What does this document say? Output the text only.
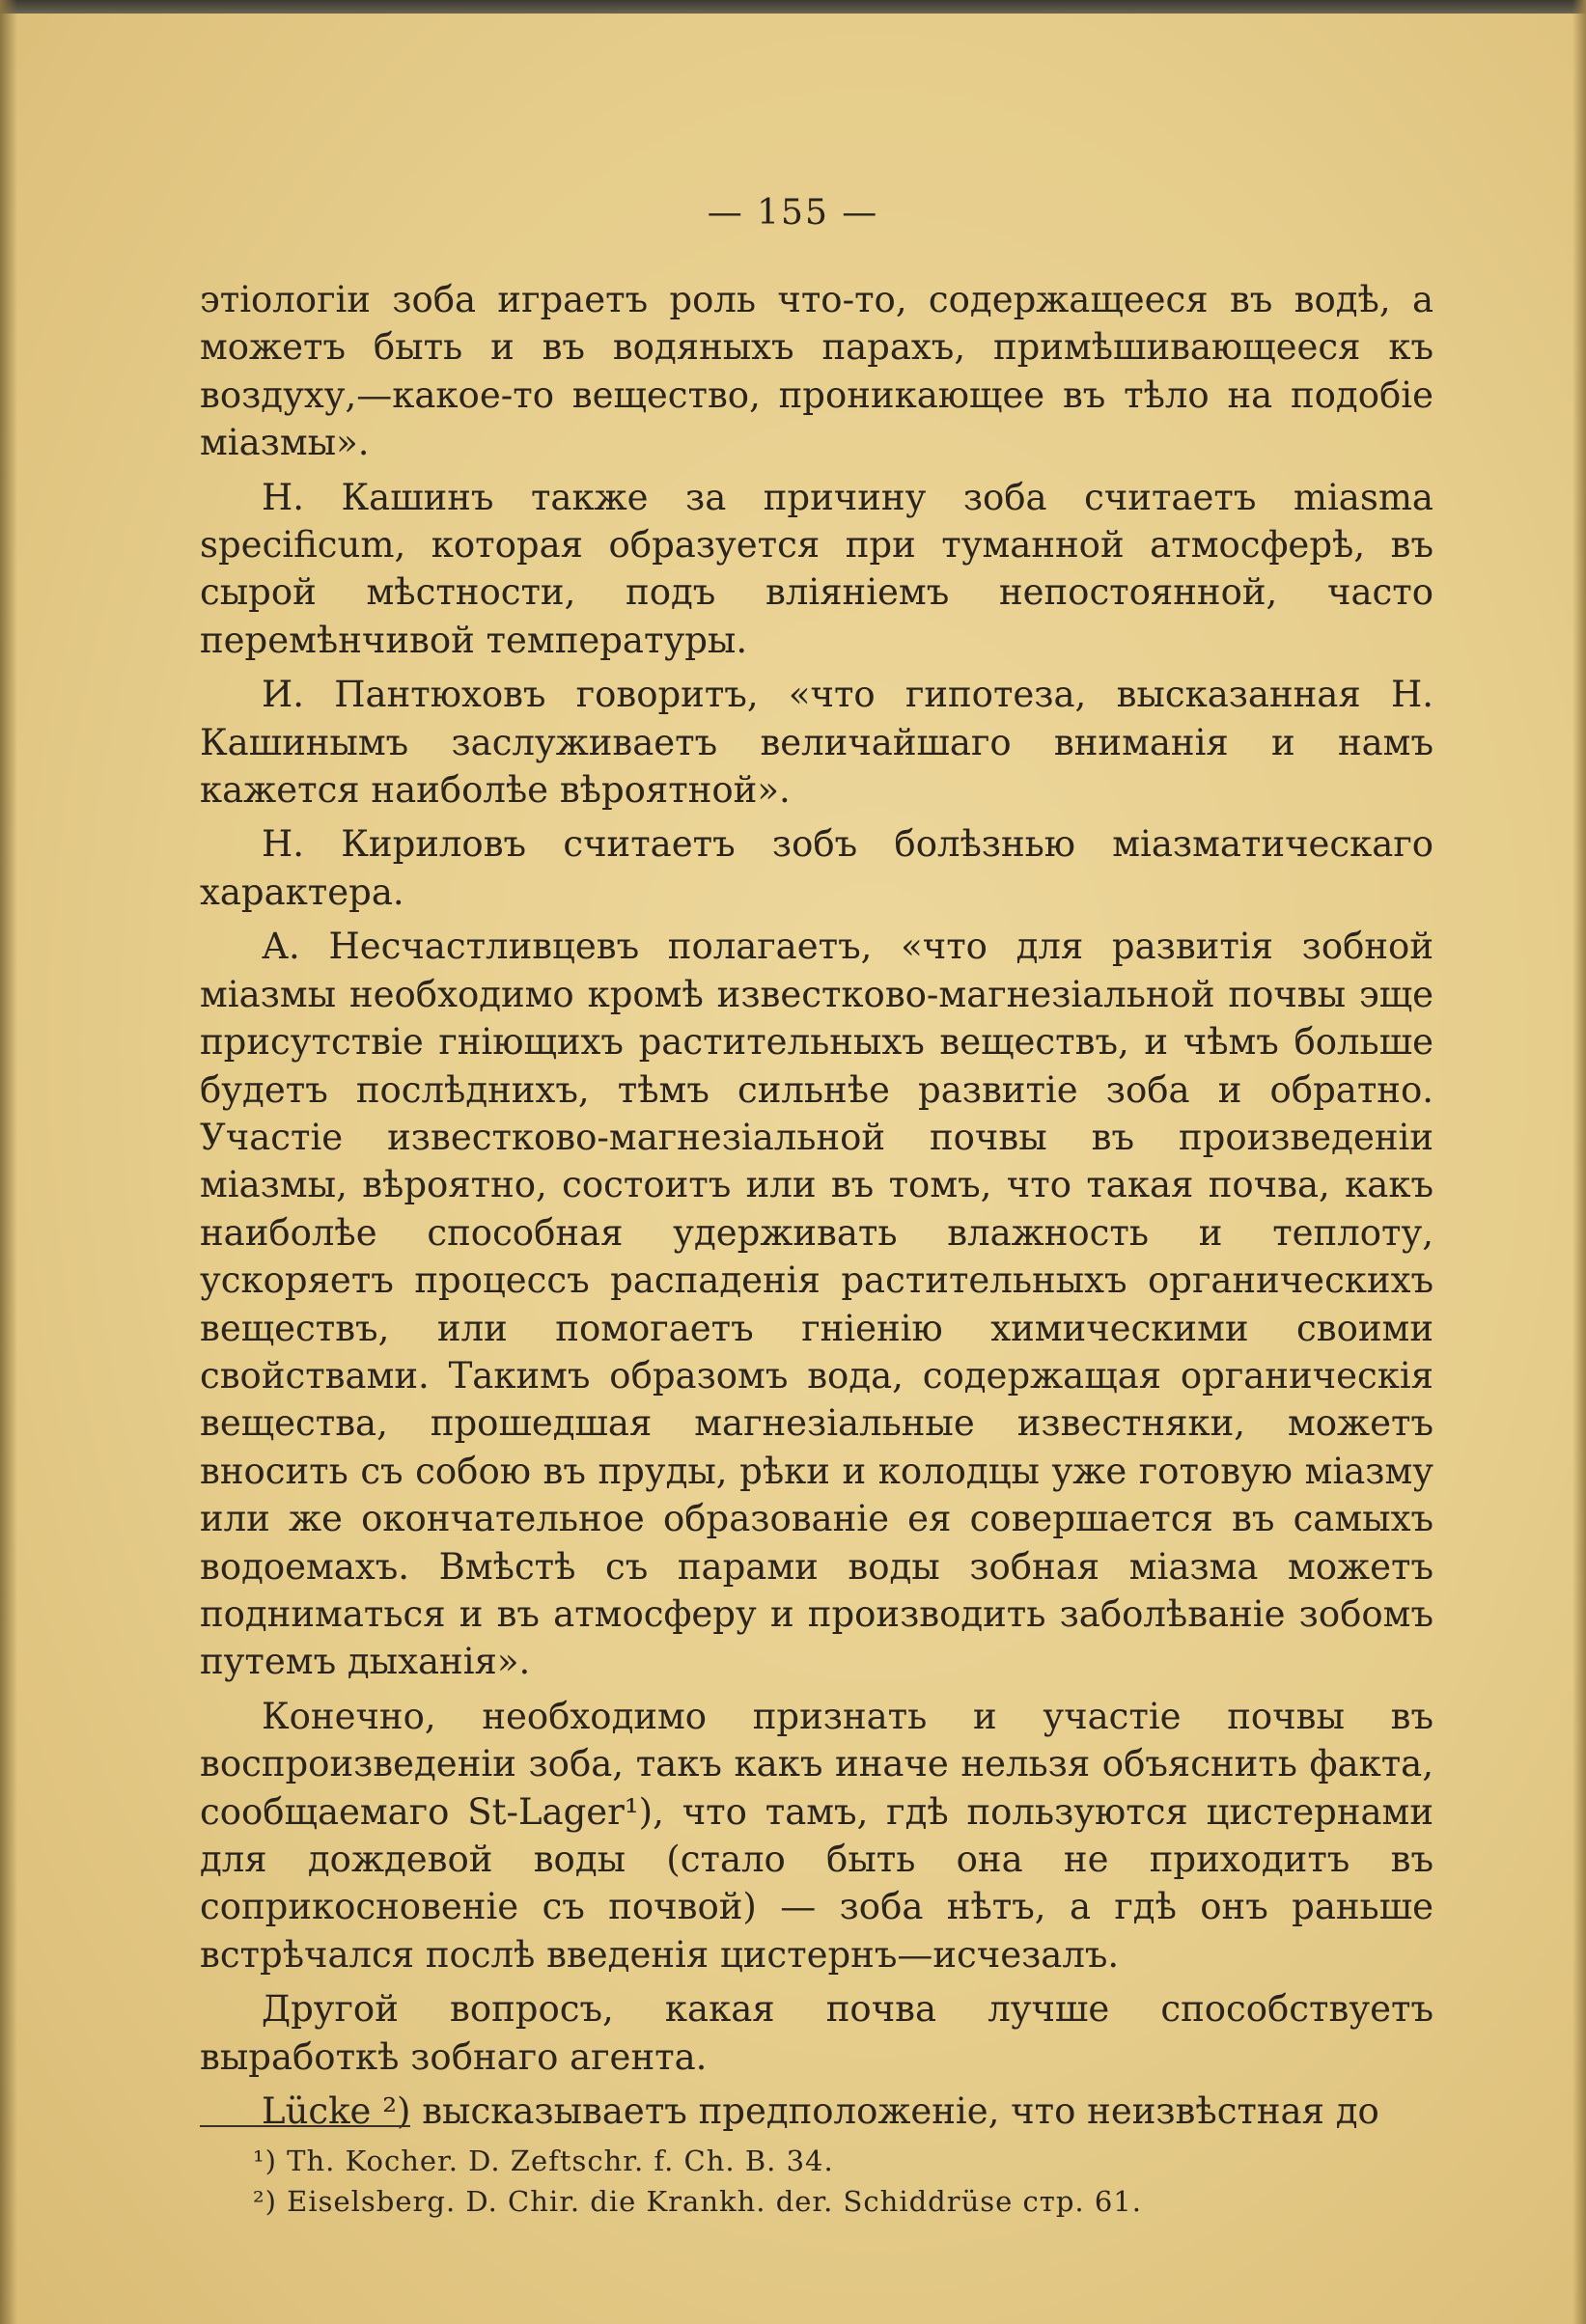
— 155 —

этіологіи зоба играетъ роль что-то, содержащееся въ водѣ, а можетъ быть и въ водяныхъ парахъ, примѣшивающееся къ воздуху,—какое-то вещество, проникающее въ тѣло на подобіе міазмы».

Н. Кашинъ также за причину зоба считаетъ miasma specificum, которая образуется при туманной атмосферѣ, въ сырой мѣстности, подъ вліяніемъ непостоянной, часто перемѣнчивой температуры.

И. Пантюховъ говоритъ, «что гипотеза, высказанная Н. Кашинымъ заслуживаетъ величайшаго вниманія и намъ кажется наиболѣе вѣроятной».

Н. Кириловъ считаетъ зобъ болѣзнью міазматическаго характера.

А. Несчастливцевъ полагаетъ, «что для развитія зобной міазмы необходимо кромѣ известково-магнезіальной почвы эще присутствіе гніющихъ растительныхъ веществъ, и чѣмъ больше будетъ послѣднихъ, тѣмъ сильнѣе развитіе зоба и обратно. Участіе известково-магнезіальной почвы въ произведеніи міазмы, вѣроятно, состоитъ или въ томъ, что такая почва, какъ наиболѣе способная удерживать влажность и теплоту, ускоряетъ процессъ распаденія растительныхъ органическихъ веществъ, или помогаетъ гніенію химическими своими свойствами. Такимъ образомъ вода, содержащая органическія вещества, прошедшая магнезіальные известняки, можетъ вносить съ собою въ пруды, рѣки и колодцы уже готовую міазму или же окончательное образованіе ея совершается въ самыхъ водоемахъ. Вмѣстѣ съ парами воды зобная міазма можетъ подниматься и въ атмосферу и производить заболѣваніе зобомъ путемъ дыханія».

Конечно, необходимо признать и участіе почвы въ воспроизведеніи зоба, такъ какъ иначе нельзя объяснить факта, сообщаемаго St-Lager¹), что тамъ, гдѣ пользуются цистернами для дождевой воды (стало быть она не приходитъ въ соприкосновеніе съ почвой) — зоба нѣтъ, а гдѣ онъ раньше встрѣчался послѣ введенія цистернъ—исчезалъ.

Другой вопросъ, какая почва лучше способствуетъ выработкѣ зобнаго агента.

Lücke ²) высказываетъ предположеніе, что неизвѣстная до

¹) Th. Kocher. D. Zeftschr. f. Ch. B. 34.
²) Eiselsberg. D. Chir. die Krankh. der. Schiddrüse стр. 61.
